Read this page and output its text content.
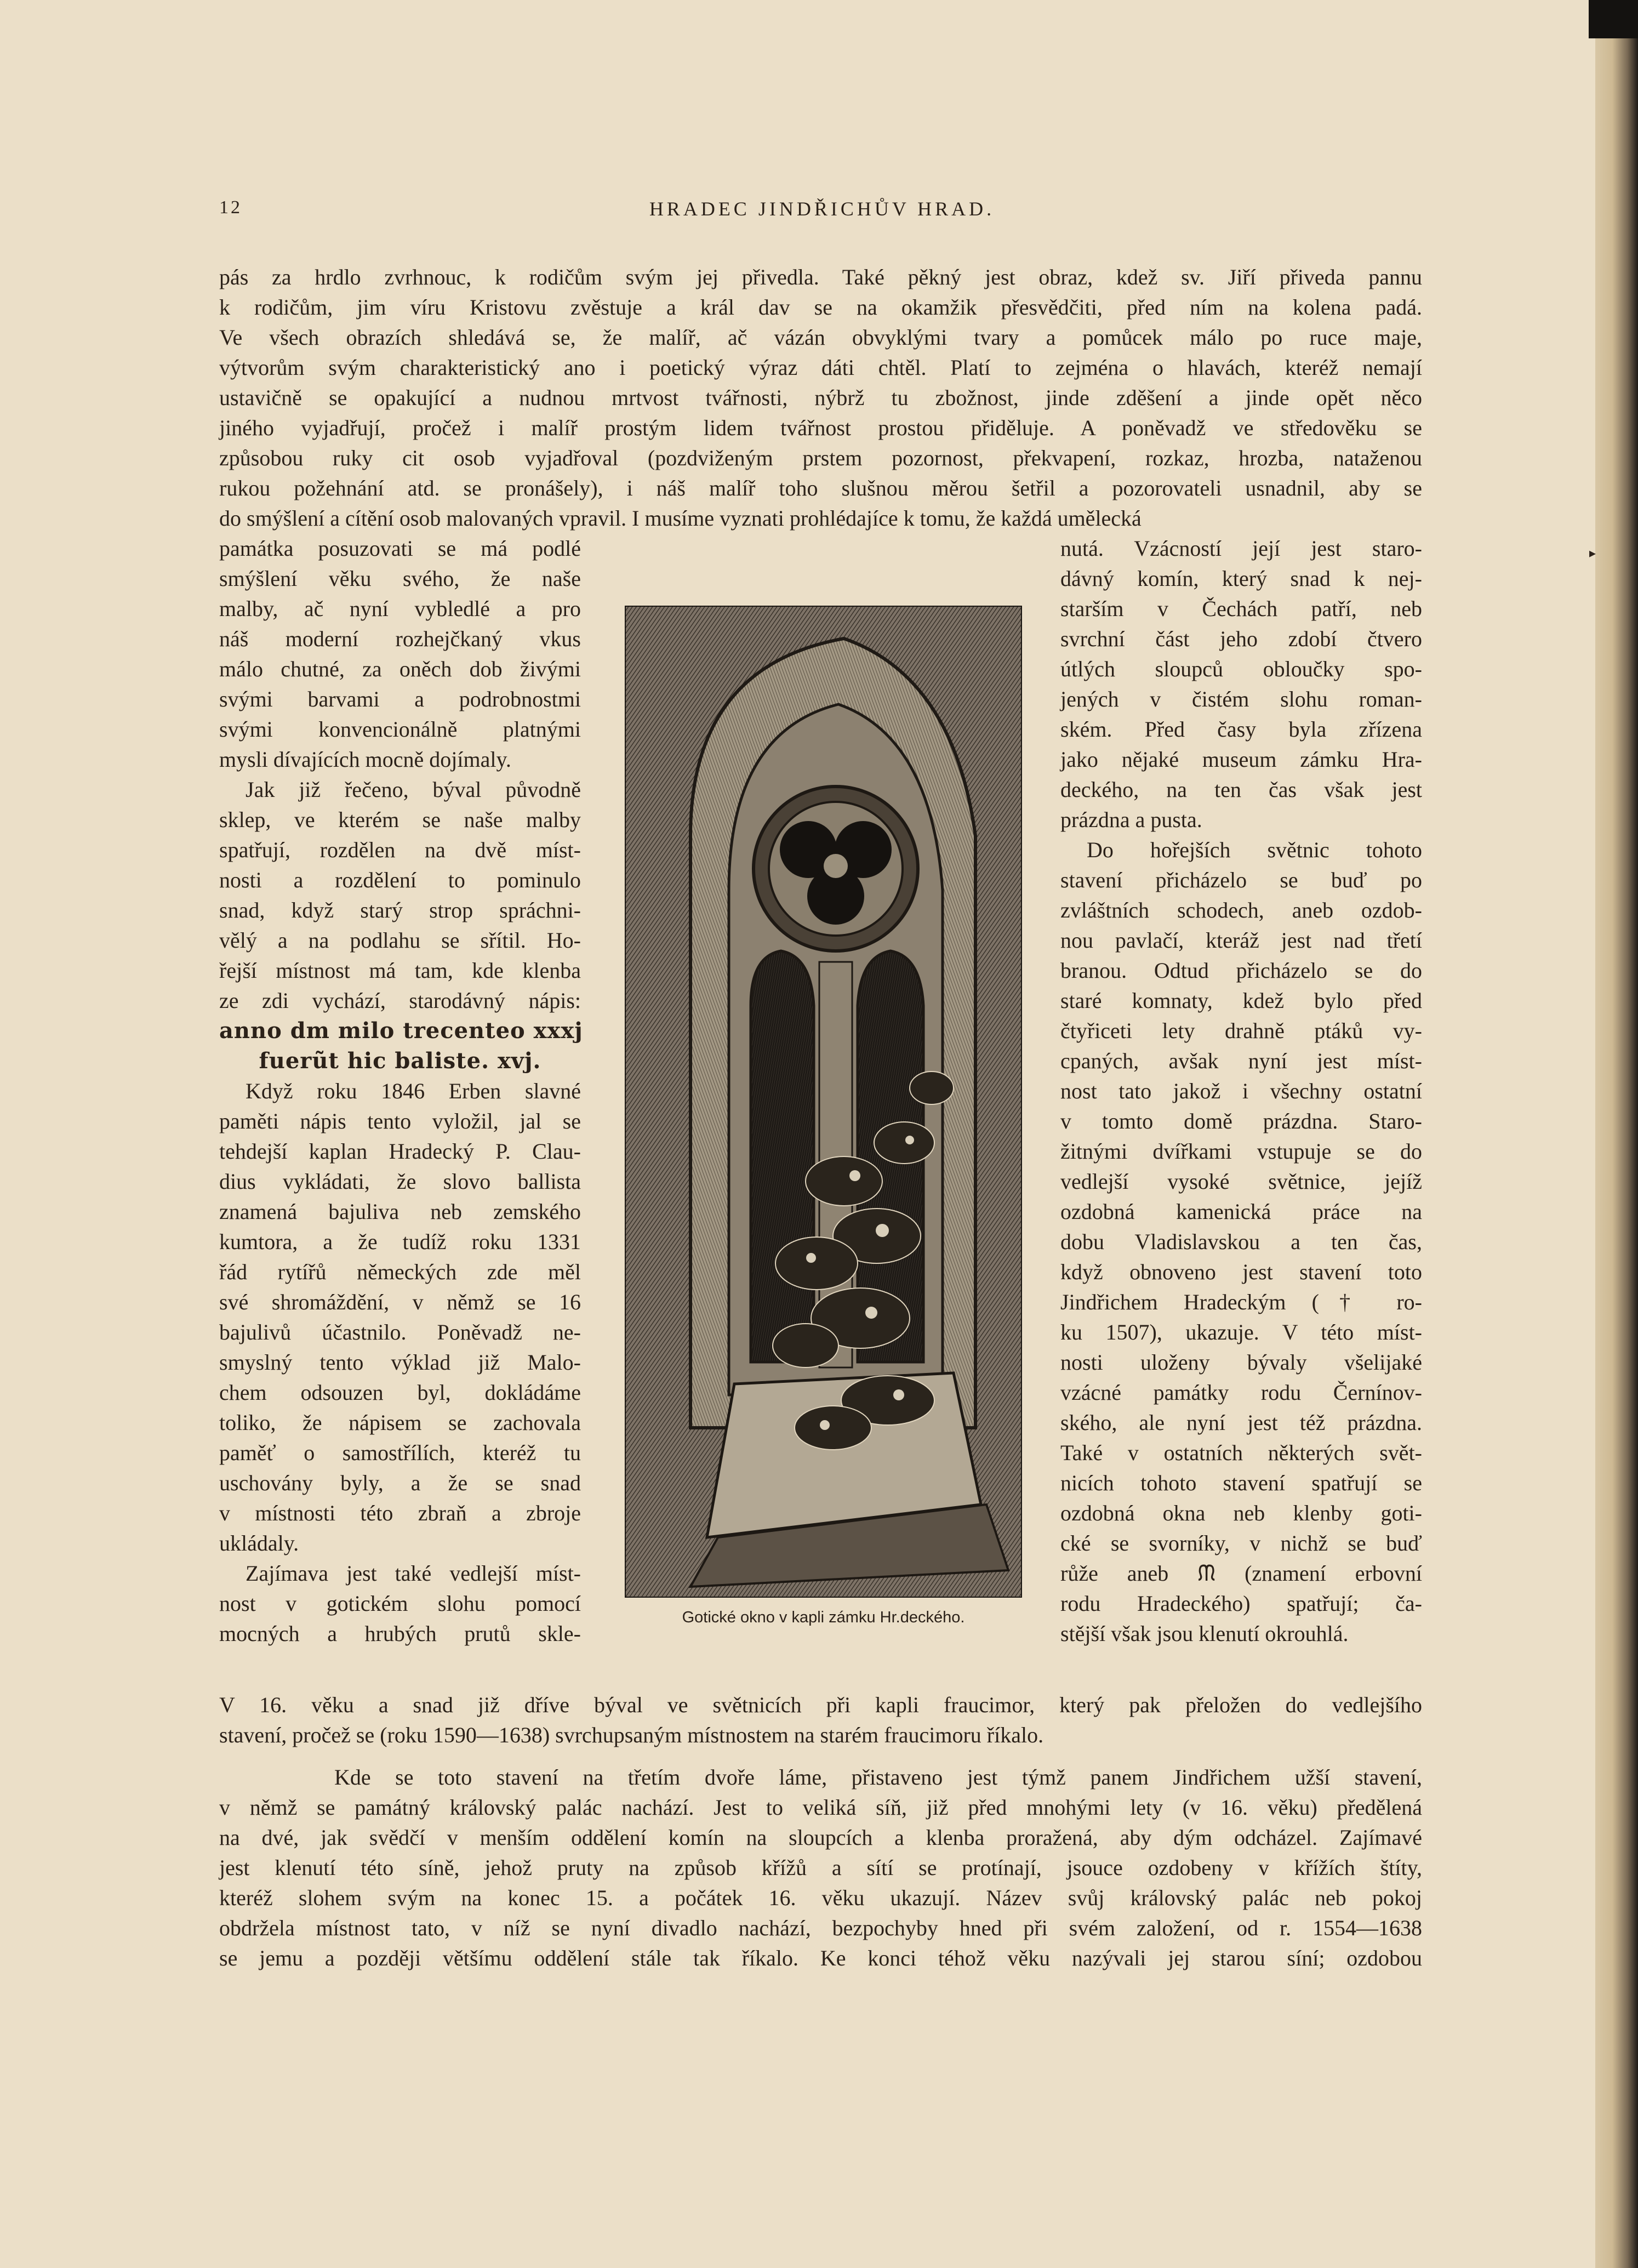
12	HRADEC JINDŘICHŮV HRAD.
pás za hrdlo zvrhnouc, k rodičům svým jej přivedla. Také pěkný jest obraz, kdež sv. Jiří přiveda pannu
k rodičům, jim víru Kristovu zvěstuje a král dav se na okamžik přesvědčiti, před ním na kolena padá.
Ve všech obrazích shledává se, že malíř, ač vázán obvyklými tvary a pomůcek málo po ruce maje,
výtvorům svým charakteristický ano i poetický výraz dáti chtěl. Platí to zejména o hlavách, kteréž nemají
ustavičně se opakující a nudnou mrtvost tvářnosti, nýbrž tu zbožnost, jinde zděšení a jinde opět něco
jiného vyjadřují, pročež i malíř prostým lidem tvářnost prostou přiděluje. A poněvadž ve středověku se
způsobou ruky cit osob vyjadřoval (pozdviženým prstem pozornost, překvapení, rozkaz, hrozba, nataženou
rukou požehnání atd. se pronášely), i náš malíř toho slušnou měrou šetřil a pozorovateli usnadnil, aby se
do smýšlení a cítění osob malovaných vpravil. I musíme vyznati prohlédajíce k tomu, že každá umělecká
památka posuzovati se má podlé
smýšlení věku svého, že naše
malby, ač nyní vybledlé a pro
náš moderní rozhejčkaný vkus
málo chutné, za oněch dob živými
svými barvami a podrobnostmi
svými konvencionálně platnými
mysli dívajících mocně dojímaly.
Jak již řečeno, býval původně
sklep, ve kterém se naše malby
spatřují, rozdělen na dvě míst-
nosti a rozdělení to pominulo
snad, když starý strop spráchni-
vělý a na podlahu se sřítil. Ho-
řejší místnost má tam, kde klenba
ze zdi vychází, starodávný nápis:
anno dm milo trecenteo xxxj
fuerũt hic baliste. xvj.
Když roku 1846 Erben slavné
paměti nápis tento vyložil, jal se
tehdejší kaplan Hradecký P. Clau-
dius vykládati, že slovo ballista
znamená bajuliva neb zemského
kumtora, a že tudíž roku 1331
řád rytířů německých zde měl
své shromáždění, v němž se 16
bajulivů účastnilo. Poněvadž ne-
smyslný tento výklad již Malo-
chem odsouzen byl, dokládáme
toliko, že nápisem se zachovala
paměť o samostřílích, kteréž tu
uschovány byly, a že se snad
v místnosti této zbraň a zbroje
ukládaly.
Zajímava jest také vedlejší míst-
nost v gotickém slohu pomocí
mocných a hrubých prutů skle-
nutá. Vzácností její jest staro-
dávný komín, který snad k nej-
starším v Čechách patří, neb
svrchní část jeho zdobí čtvero
útlých sloupců obloučky spo-
jených v čistém slohu roman-
ském. Před časy byla zřízena
jako nějaké museum zámku Hra-
deckého, na ten čas však jest
prázdna a pusta.
Do hořejších světnic tohoto
stavení přicházelo se buď po
zvláštních schodech, aneb ozdob-
nou pavlačí, kteráž jest nad třetí
branou. Odtud přicházelo se do
staré komnaty, kdež bylo před
čtyřiceti lety drahně ptáků vy-
cpaných, avšak nyní jest míst-
nost tato jakož i všechny ostatní
v tomto domě prázdna. Staro-
žitnými dvířkami vstupuje se do
vedlejší vysoké světnice, jejíž
ozdobná kamenická práce na
dobu Vladislavskou a ten čas,
když obnoveno jest stavení toto
Jindřichem Hradeckým († ro-
ku 1507), ukazuje. V této míst-
nosti uloženy bývaly všelijaké
vzácné památky rodu Černínov-
ského, ale nyní jest též prázdna.
Také v ostatních některých svět-
nicích tohoto stavení spatřují se
ozdobná okna neb klenby goti-
cké se svorníky, v nichž se buď
růže aneb ᙏ (znamení erbovní
rodu Hradeckého) spatřují; ča-
stější však jsou klenutí okrouhlá.
Gotické okno v kapli zámku Hr.deckého.
V 16. věku a snad již dříve býval ve světnicích při kapli fraucimor, který pak přeložen do vedlejšího
stavení, pročež se (roku 1590—1638) svrchupsaným místnostem na starém fraucimoru říkalo.
Kde se toto stavení na třetím dvoře láme, přistaveno jest týmž panem Jindřichem užší stavení,
v němž se památný královský palác nachází. Jest to veliká síň, již před mnohými lety (v 16. věku) předělená
na dvé, jak svědčí v menším oddělení komín na sloupcích a klenba proražená, aby dým odcházel. Zajímavé
jest klenutí této síně, jehož pruty na způsob křížů a sítí se protínají, jsouce ozdobeny v křížích štíty,
kteréž slohem svým na konec 15. a počátek 16. věku ukazují. Název svůj královský palác neb pokoj
obdržela místnost tato, v níž se nyní divadlo nachází, bezpochyby hned při svém založení, od r. 1554—1638
se jemu a později většímu oddělení stále tak říkalo. Ke konci téhož věku nazývali jej starou síní; ozdobou
▸
